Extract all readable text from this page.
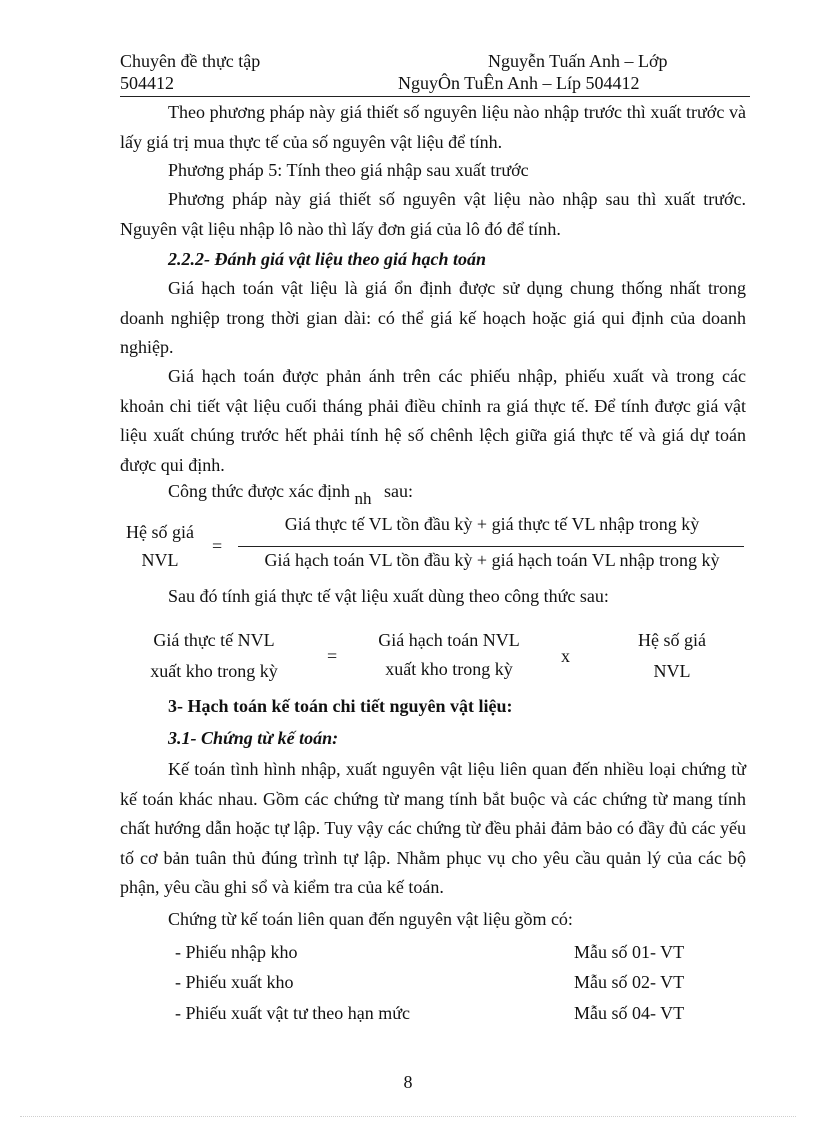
Chuyên đề thực tập
504412
Nguyễn Tuấn Anh – Lớp
NguyÔn TuÊn Anh – Líp 504412
Theo phương pháp này giá thiết số nguyên liệu nào nhập trước thì xuất trước và lấy giá trị mua thực tế của số nguyên vật liệu để tính.
Phương pháp 5: Tính theo giá nhập sau xuất trước
Phương pháp này giá thiết số nguyên vật liệu nào nhập sau thì xuất trước. Nguyên vật liệu nhập lô nào thì lấy đơn giá của lô đó để tính.
2.2.2- Đánh giá vật liệu theo giá hạch toán
Giá hạch toán vật liệu là giá ổn định được sử dụng chung thống nhất trong doanh nghiệp trong thời gian dài: có thể giá kế hoạch hoặc giá qui định của doanh nghiệp.
Giá hạch toán được phản ánh trên các phiếu nhập, phiếu xuất và trong các khoản chi tiết vật liệu cuối tháng phải điều chỉnh ra giá thực tế. Để tính được giá vật liệu xuất chúng trước hết phải tính hệ số chênh lệch giữa giá thực tế và giá dự toán được qui định.
Công thức được xác định nh sau:
Hệ số giá
NVL
=
Giá thực tế VL tồn đầu kỳ + giá thực tế VL nhập trong kỳ
Giá hạch toán VL tồn đầu kỳ + giá hạch toán VL nhập trong kỳ
Sau đó tính giá thực tế vật liệu xuất dùng theo công thức sau:
Giá thực tế NVL
xuất kho trong kỳ
=
Giá hạch toán NVL
xuất kho trong kỳ
x
Hệ số giá
NVL
3- Hạch toán kế toán chi tiết nguyên vật liệu:
3.1- Chứng từ kế toán:
Kế toán tình hình nhập, xuất nguyên vật liệu liên quan đến nhiều loại chứng từ kế toán khác nhau. Gồm các chứng từ mang tính bắt buộc và các chứng từ mang tính chất hướng dẫn hoặc tự lập. Tuy vậy các chứng từ đều phải đảm bảo có đầy đủ các yếu tố cơ bản tuân thủ đúng trình tự lập. Nhằm phục vụ cho yêu cầu quản lý của các bộ phận, yêu cầu ghi sổ và kiểm tra của kế toán.
Chứng từ kế toán liên quan đến nguyên vật liệu gồm có:
- Phiếu nhập kho	Mẫu số 01- VT
- Phiếu xuất kho	Mẫu số 02- VT
- Phiếu xuất vật tư theo hạn mức	Mẫu số 04- VT
8
